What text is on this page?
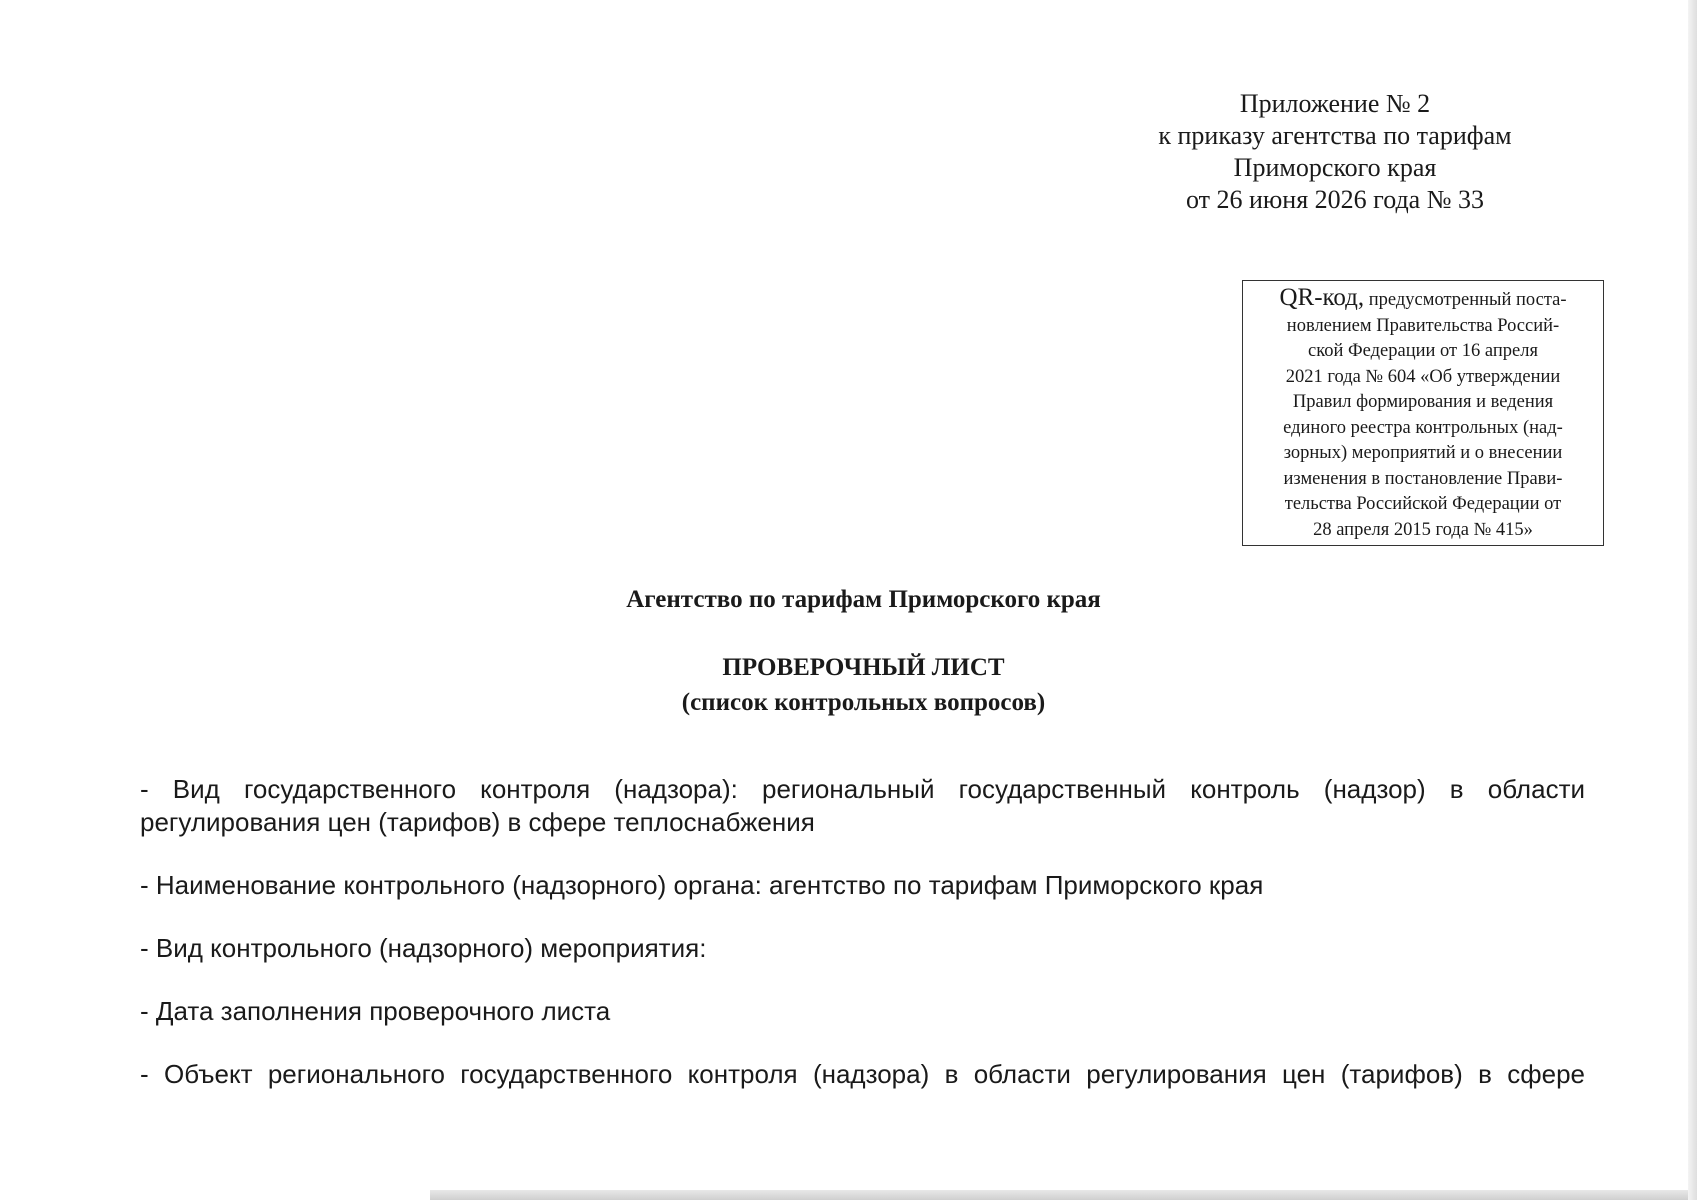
Приложение № 2
к приказу агентства по тарифам
Приморского края
от 26 июня 2026 года № 33
QR-код, предусмотренный поста-
новлением Правительства Россий-
ской Федерации от 16 апреля
2021 года № 604 «Об утверждении
Правил формирования и ведения
единого реестра контрольных (над-
зорных) мероприятий и о внесении
изменения в постановление Прави-
тельства Российской Федерации от
28 апреля 2015 года № 415»
Агентство по тарифам Приморского края
ПРОВЕРОЧНЫЙ ЛИСТ
(список контрольных вопросов)

- Вид государственного контроля (надзора): региональный государственный контроль (надзор) в области регулирования цен (тарифов) в сфере теплоснабжения

- Наименование контрольного (надзорного) органа: агентство по тарифам Приморского края

- Вид контрольного (надзорного) мероприятия:

- Дата заполнения проверочного листа

- Объект регионального государственного контроля (надзора) в области регулирования цен (тарифов) в сфере
